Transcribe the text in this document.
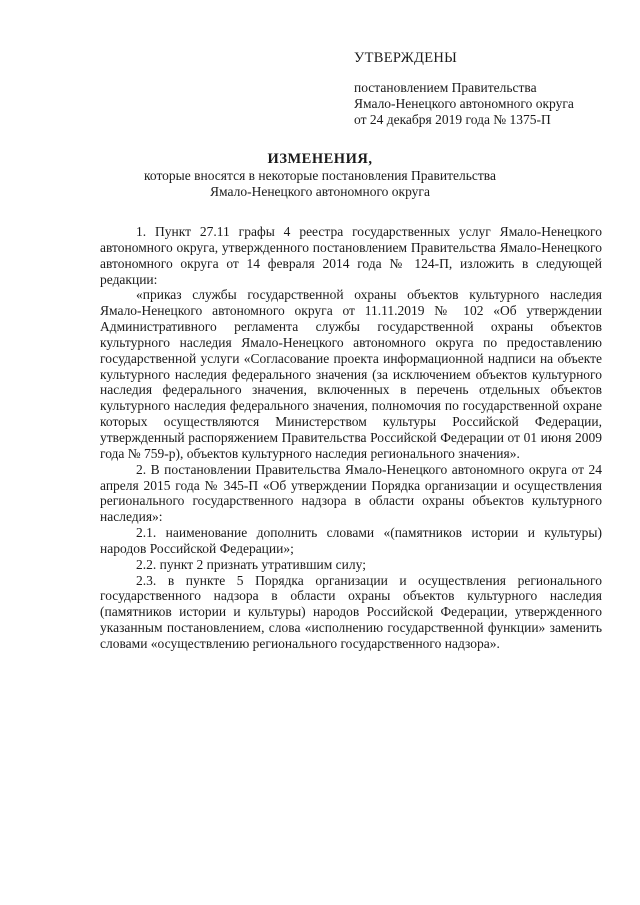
УТВЕРЖДЕНЫ
постановлением Правительства
Ямало-Ненецкого автономного округа
от 24 декабря 2019 года № 1375-П
ИЗМЕНЕНИЯ,
которые вносятся в некоторые постановления Правительства
Ямало-Ненецкого автономного округа

1. Пункт 27.11 графы 4 реестра государственных услуг Ямало-Ненецкого автономного округа, утвержденного постановлением Правительства Ямало-Ненецкого автономного округа от 14 февраля 2014 года № 124-П, изложить в следующей редакции:

«приказ службы государственной охраны объектов культурного наследия Ямало-Ненецкого автономного округа от 11.11.2019 № 102 «Об утверждении Административного регламента службы государственной охраны объектов культурного наследия Ямало-Ненецкого автономного округа по предоставлению государственной услуги «Согласование проекта информационной надписи на объекте культурного наследия федерального значения (за исключением объектов культурного наследия федерального значения, включенных в перечень отдельных объектов культурного наследия федерального значения, полномочия по государственной охране которых осуществляются Министерством культуры Российской Федерации, утвержденный распоряжением Правительства Российской Федерации от 01 июня 2009 года № 759-р), объектов культурного наследия регионального значения».

2. В постановлении Правительства Ямало-Ненецкого автономного округа от 24 апреля 2015 года № 345-П «Об утверждении Порядка организации и осуществления регионального государственного надзора в области охраны объектов культурного наследия»:

2.1. наименование дополнить словами «(памятников истории и культуры) народов Российской Федерации»;

2.2. пункт 2 признать утратившим силу;

2.3. в пункте 5 Порядка организации и осуществления регионального государственного надзора в области охраны объектов культурного наследия (памятников истории и культуры) народов Российской Федерации, утвержденного указанным постановлением, слова «исполнению государственной функции» заменить словами «осуществлению регионального государственного надзора».
